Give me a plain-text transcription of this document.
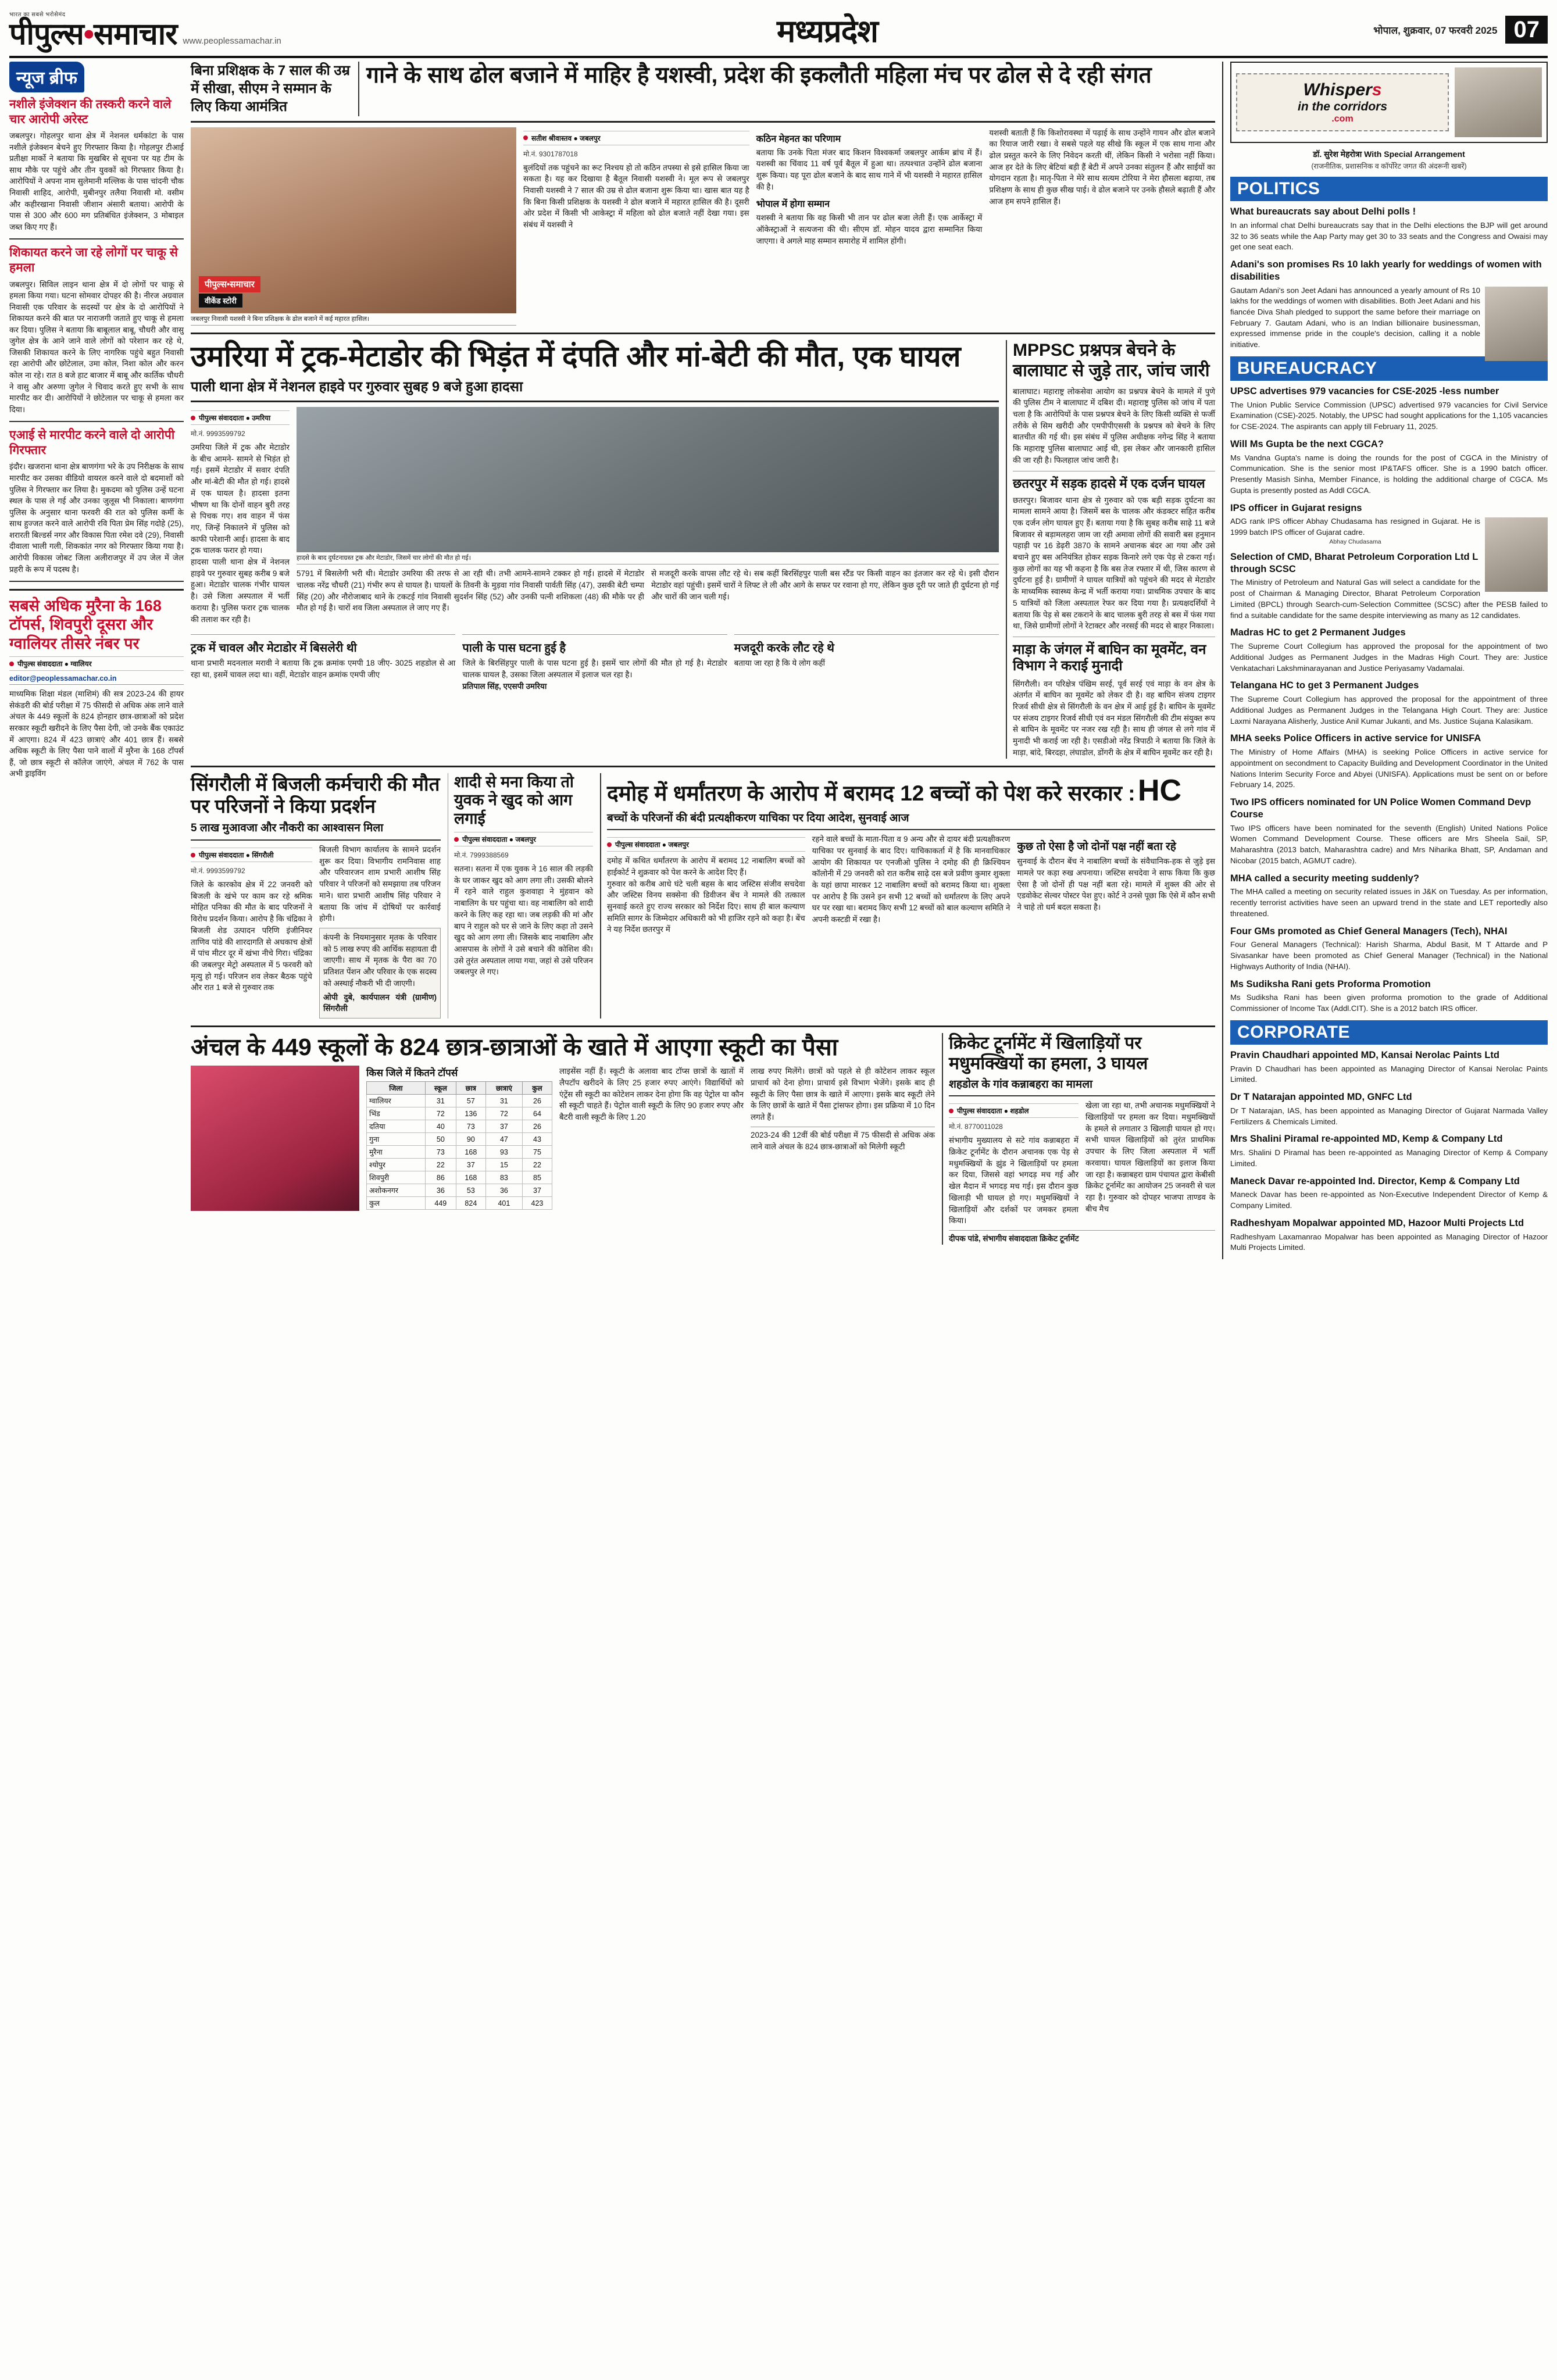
भारत का सबसे भरोसेमंद
पीपुल्स•समाचार www.peoplessamachar.in	मध्यप्रदेश	भोपाल, शुक्रवार, 07 फरवरी 2025 07
न्यूज ब्रीफ
नशीले इंजेक्शन की तस्करी करने वाले चार आरोपी अरेस्ट
जबलपुर। गोहलपुर थाना क्षेत्र में नेशनल धर्मकांटा के पास नशीले इंजेक्शन बेचने हुए गिरफ्तार किया है। गोहलपुर टीआई प्रतीक्षा मार्को ने बताया कि मुखबिर से सूचना पर यह टीम के साथ मौके पर पहुंचे और तीन युवकों को गिरफ्तार किया है। आरोपियों ने अपना नाम सुलेमानी मल्लिक के पास चांदनी चौक निवासी शाहिद, आरोपी, मुबीनपुर तलैया निवासी मो. वसीम और कहीरखाना निवासी जीशान अंसारी बताया। आरोपी के पास से 300 और 600 मग प्रतिबंधित इंजेक्शन, 3 मोबाइल जब्त किए गए हैं।
शिकायत करने जा रहे लोगों पर चाकू से हमला
जबलपुर। सिविल लाइन थाना क्षेत्र में दो लोगों पर चाकू से हमला किया गया। घटना सोमवार दोपहर की है। नीरज अग्रवाल निवासी एक परिवार के सदस्यों पर क्षेत्र के दो आरोपियों ने शिकायत करने की बात पर नाराजगी जताते हुए चाकू से हमला कर दिया। पुलिस ने बताया कि बाबूलाल बाबू, चौधरी और वासु जुगेल क्षेत्र के आने जाने वाले लोगों को परेशान कर रहे थे, जिसकी शिकायत करने के लिए नागरिक पहुंचे बहुत निवासी रहा आरोपी और छोटेलाल, उमा कोल, निशा कोल और करन कोल ना रहे। रात 8 बजे हाट बाजार में बाबू और कार्तिक चौधरी ने वासु और अरुणा जुगेल ने चिवाद करते हुए सभी के साथ मारपीट कर दी। आरोपियों ने छोटेलाल पर चाकू से हमला कर दिया।
एआई से मारपीट करने वाले दो आरोपी गिरफ्तार
इंदौर। खजराना थाना क्षेत्र बाणगंगा भरे के उप निरीक्षक के साथ मारपीट कर उसका वीडियो वायरल करने वाले दो बदमाशों को पुलिस ने गिरफ्तार कर लिया है। मुकदमा को पुलिस उन्हें घटना स्थल के पास ले गई और उनका जुलूस भी निकाला। बाणगंगा पुलिस के अनुसार थाना फरवरी की रात को पुलिस कर्मी के साथ हुज्जत करने वाले आरोपी रवि पिता प्रेम सिंह गदोहे (25), शरारती बिल्डर्स नगर और विकास पिता रमेश दवे (29), निवासी दीवाला भाली गली, शिककांत नगर को गिरफ्तार किया गया है। आरोपी विकास जोबट जिला अलीराजपुर में उप जेल में जेल प्रहरी के रूप में पदस्थ है।
सबसे अधिक मुरैना के 168 टॉपर्स, शिवपुरी दूसरा और ग्वालियर तीसरे नंबर पर
पीपुल्स संवाददाता ● ग्वालियर
editor@peoplessamachar.co.in
माध्यमिक शिक्षा मंडल (माशिमं) की सत्र 2023-24 की हायर सेकंडरी की बोर्ड परीक्षा में 75 फीसदी से अधिक अंक लाने वाले अंचल के 449 स्कूलों के 824 होनहार छात्र-छात्राओं को प्रदेश सरकार स्कूटी खरीदने के लिए पैसा देगी, जो उनके बैंक एकाउंट में आएगा। 824 में 423 छात्राएं और 401 छात्र हैं। सबसे अधिक स्कूटी के लिए पैसा पाने वालों में मुरैना के 168 टॉपर्स हैं, जो छात्र स्कूटी से कॉलेज जाएंगे, अंचल में 762 के पास अभी ड्राइविंग
बिना प्रशिक्षक के 7 साल की उम्र में सीखा, सीएम ने सम्मान के लिए किया आमंत्रित
गाने के साथ ढोल बजाने में माहिर है यशस्वी, प्रदेश की इकलौती महिला मंच पर ढोल से दे रही संगत
पीपुल्स•समाचार
वीकेंड स्टोरी
जबलपुर निवासी यशस्वी ने बिना प्रशिक्षक के ढोल बजाने में कई महारत हासिल।
सतीश श्रीवास्तव ● जबलपुर
मो.नं. 9301787018
बुलंदियों तक पहुंचने का रूट निश्चय हो तो कठिन तपस्या से इसे हासिल किया जा सकता है। यह कर दिखाया है बैतूल निवासी यशस्वी ने। मूल रूप से जबलपुर निवासी यशस्वी ने 7 साल की उम्र से ढोल बजाना शुरू किया था। खास बात यह है कि बिना किसी प्रशिक्षक के यशस्वी ने ढोल बजाने में महारत हासिल की है। दूसरी ओर प्रदेश में किसी भी आकेस्ट्रा में महिला को ढोल बजाते नहीं देखा गया। इस संबंध में यशस्वी ने
कठिन मेहनत का परिणाम
बताया कि उनके पिता मंजर बाद किशन विश्वकर्मा जबलपुर आर्कम ब्रांच में हैं। यशस्वी का चिंवाद 11 वर्ष पूर्व बैतूल में हुआ था। तत्पश्चात उन्होंने ढोल बजाना शुरू किया। यह पूरा ढोल बजाने के बाद साथ गाने में भी यशस्वी ने महारत हासिल की है।
भोपाल में होगा सम्मान
यशस्वी ने बताया कि वह किसी भी तान पर ढोल बजा लेती हैं। एक आर्केस्ट्रा में ऑकेस्ट्राओं ने सत्यजना की थी। सीएम डॉ. मोहन यादव द्वारा सम्मानित किया जाएगा। वे अगले माह सम्मान समारोह में शामिल होंगी।
यशस्वी बताती हैं कि किशोरावस्था में पढ़ाई के साथ उन्होंने गायन और ढोल बजाने का रियाज जारी रखा। वे सबसे पहले यह सीखे कि स्कूल में एक साथ गाना और ढोल प्रस्तुत करने के लिए निवेदन करती थीं, लेकिन किसी ने भरोसा नहीं किया। आज हर देते के लिए बेटियां बड़ी हैं बेटी में अपने उनका संतुलन हैं और साईयों का योगदान रहता है। मातृ-पिता ने मेरे साथ सत्यम टोरिया ने मेरा हौसला बढ़ाया, तब प्रशिक्षण के साथ ही कुछ सीख पाई। वे ढोल बजाने पर उनके हौसले बढ़ाती हैं और आज हम सपने हासिल हैं।
उमरिया में ट्रक-मेटाडोर की भिड़ंत में दंपति और मां-बेटी की मौत, एक घायल
पाली थाना क्षेत्र में नेशनल हाइवे पर गुरुवार सुबह 9 बजे हुआ हादसा
पीपुल्स संवाददाता ● उमरिया
मो.नं. 9993599792
उमरिया जिले में ट्रक और मेटाडोर के बीच आमने- सामने से भिड़ंत हो गई। इसमें मेटाडोर में सवार दंपति और मां-बेटी की मौत हो गई। हादसे में एक घायल है। हादसा इतना भीषण था कि दोनों वाहन बुरी तरह से पिचक गए। शव वाहन में फंस गए, जिन्हें निकालने में पुलिस को काफी परेशानी आई। हादसा के बाद ट्रक चालक फरार हो गया।
हादसा पाली थाना क्षेत्र में नेशनल हाइवे पर गुरुवार सुबह करीब 9 बजे हुआ। मेटाडोर चालक गंभीर घायल है। उसे जिला अस्पताल में भर्ती कराया है। पुलिस फरार ट्रक चालक की तलाश कर रही है।
हादसे के बाद दुर्घटनाग्रस्त ट्रक और मेटाडोर, जिसमें चार लोगों की मौत हो गई।
5791 में बिसलेगी भरी थी। मेटाडोर उमरिया की तरफ से आ रही थी। तभी आमने-सामने टक्कर हो गई। हादसे में मेटाडोर चालक नरेंद्र चौधरी (21) गंभीर रूप से घायल है। घायलों के तिवनी के मुड़वा गांव निवासी पार्वती सिंह (47), उसकी बेटी चम्पा सिंह (20) और नौरोजाबाद थाने के टकटई गांव निवासी सुदर्शन सिंह (52) और उनकी पत्नी शशिकला (48) की मौके पर ही मौत हो गई है। चारों शव जिला अस्पताल ले जाए गए हैं।
से मजदूरी करके वापस लौट रहे थे। सब कहीं बिरसिंहपुर पाली बस स्टैंड पर किसी वाहन का इंतजार कर रहे थे। इसी दौरान मेटाडोर वहां पहुंची। इसमें चारों ने लिफ्ट ले ली और आगे के सफर पर रवाना हो गए, लेकिन कुछ दूरी पर जाते ही दुर्घटना हो गई और चारों की जान चली गई।
ट्रक में चावल और मेटाडोर में बिसलेरी थी
थाना प्रभारी मदनलाल मरावी ने बताया कि ट्रक क्रमांक एमपी 18 जीए- 3025 शहडोल से आ रहा था, इसमें चावल लदा था। वहीं, मेटाडोर वाहन क्रमांक एमपी जीए
पाली के पास घटना हुई है
जिले के बिरसिंहपुर पाली के पास घटना हुई है। इसमें चार लोगों की मौत हो गई है। मेटाडोर चालक घायल है, उसका जिला अस्पताल में इलाज चल रहा है।
प्रतिपाल सिंह, एएसपी उमरिया
मजदूरी करके लौट रहे थे
बताया जा रहा है कि ये लोग कहीं
MPPSC प्रश्नपत्र बेचने के बालाघाट से जुड़े तार, जांच जारी
बालाघाट। महाराष्ट्र लोकसेवा आयोग का प्रश्नपत्र बेचने के मामले में पुणे की पुलिस टीम ने बालाघाट में दबिश दी। महाराष्ट्र पुलिस को जांच में पता चला है कि आरोपियों के पास प्रश्नपत्र बेचने के लिए किसी व्यक्ति से फर्जी तरीके से सिम खरीदी और एमपीपीएससी के प्रश्नपत्र को बेचने के लिए बातचीत की गई थी। इस संबंध में पुलिस अधीक्षक नगेन्द्र सिंह ने बताया कि महाराष्ट्र पुलिस बालाघाट आई थी, इस लेकर और जानकारी हासिल की जा रही है। फिलहाल जांच जारी है।
छतरपुर में सड़क हादसे में एक दर्जन घायल
छतरपुर। बिजावर थाना क्षेत्र से गुरुवार को एक बड़ी सड़क दुर्घटना का मामला सामने आया है। जिसमें बस के चालक और कंडक्टर सहित करीब एक दर्जन लोग घायल हुए हैं। बताया गया है कि सुबह करीब साढ़े 11 बजे बिजावर से बड़ामलहरा जाम जा रही अमावा लोगों की सवारी बस हनुमान पहाड़ी पर 16 डेढ़री 3870 के सामने अचानक बंदर आ गया और उसे बचाने हुए बस अनियंत्रित होकर सड़क किनारे लगे एक पेड़ से टकरा गई। कुछ लोगों का यह भी कहना है कि बस तेज रफ्तार में थी, जिस कारण से दुर्घटना हुई है। ग्रामीणों ने घायल यात्रियों को पहुंचने की मदद से मेटाडोर के माध्यमिक स्वास्थ्य केन्द्र में भर्ती कराया गया। प्राथमिक उपचार के बाद 5 यात्रियों को जिला अस्पताल रेफर कर दिया गया है। प्रत्यक्षदर्शियों ने बताया कि पेड़ से बस टकराने के बाद चालक बुरी तरह से बस में फंस गया था, जिसे ग्रामीणों लोगों ने रेटाक्टर और नरसई की मदद से बाहर निकाला।
माड़ा के जंगल में बाघिन का मूवमेंट, वन विभाग ने कराई मुनादी
सिंगरौली। वन परिक्षेत्र पंखिम सरई, पूर्व सरई एवं माड़ा के वन क्षेत्र के अंतर्गत में बाघिन का मूवमेंट को लेकर दी है। वह बाघिन संजय टाइगर रिजर्व सीधी क्षेत्र से सिंगरौली के वन क्षेत्र में आई हुई है। बाघिन के मूवमेंट पर संजय टाइगर रिजर्व सीधी एवं वन मंडल सिंगरौली की टीम संयुक्त रूप से बाघिन के मूवमेंट पर नजर रख रही है। साथ ही जंगल से लगे गांव में मुनादी भी कराई जा रही है। एसडीओ नरेंद्र त्रिपाठी ने बताया कि जिले के माड़ा, बांदे, बिरदहा, लंघाडोल, डोंगरी के क्षेत्र में बाघिन मूवमेंट कर रही है।
सिंगरौली में बिजली कर्मचारी की मौत पर परिजनों ने किया प्रदर्शन
5 लाख मुआवजा और नौकरी का आश्वासन मिला
पीपुल्स संवाददाता ● सिंगरौली
मो.नं. 9993599792
जिले के कारकोव क्षेत्र में 22 जनवरी को बिजली के खंभे पर काम कर रहे श्रमिक मोहित पनिका की मौत के बाद परिजनों ने विरोध प्रदर्शन किया। आरोप है कि चंद्रिका ने बिजली शेड उत्पादन परिणि इंजीनियर ताणिव पांडे की शारदागति से अधकाच क्षेत्रों में पांच मीटर दूर में खंभा नीचे गिरा। चंद्रिका की जबलपुर मेट्रो अस्पताल में 5 फरवरी को मृत्यु हो गई। परिजन शव लेकर बैठक पहुंचे और रात 1 बजे से गुरुवार तक
बिजली विभाग कार्यालय के सामने प्रदर्शन शुरू कर दिया। विभागीय रामनिवास शाह और परिवारजन शाम प्रभारी आशीष सिंह परिवार ने परिजनों को समझाया तब परिजन माने। धारा प्रभारी आशीष सिंह परिवार ने बताया कि जांच में दोषियों पर कार्रवाई होगी।
कंपनी के नियमानुसार मृतक के परिवार को 5 लाख रुपए की आर्थिक सहायता दी जाएगी। साथ में मृतक के पैरा का 70 प्रतिशत पेंशन और परिवार के एक सदस्य को अस्थाई नौकरी भी दी जाएगी।
ओपी दुबे, कार्यपालन यंत्री (ग्रामीण) सिंगरौली
शादी से मना किया तो युवक ने खुद को आग लगाई
पीपुल्स संवाददाता ● जबलपुर
मो.नं. 7999388569
सतना। सतना में एक युवक ने 16 साल की लड़की के घर जाकर खुद को आग लगा ली। उसकी बोलने में रहने वाले राहुल कुशवाहा ने मुंहवान को नाबालिग के घर पहुंचा था। वह नाबालिग को शादी करने के लिए कह रहा था। जब लड़की की मां और बाप ने राहुल को घर से जाने के लिए कहा तो उसने खुद को आग लगा ली। जिसके बाद नाबालिग और आसपास के लोगों ने उसे बचाने की कोशिश की। उसे तुरंत अस्पताल लाया गया, जहां से उसे परिजन जबलपुर ले गए।
दमोह में धर्मांतरण के आरोप में बरामद 12 बच्चों को पेश करे सरकार : HC
बच्चों के परिजनों की बंदी प्रत्यक्षीकरण याचिका पर दिया आदेश, सुनवाई आज
पीपुल्स संवाददाता ● जबलपुर
दमोह में कथित धर्मांतरण के आरोप में बरामद 12 नाबालिग बच्चों को हाईकोर्ट ने शुक्रवार को पेश करने के आदेश दिए हैं।
गुरुवार को करीब आधे घंटे चली बहस के बाद जस्टिस संजीव सचदेवा और जस्टिस विनय सक्सेना की डिवीजन बेंच ने मामले की तत्काल सुनवाई करते हुए राज्य सरकार को निर्देश दिए। साथ ही बाल कल्याण समिति सागर के जिम्मेदार अधिकारी को भी हाजिर रहने को कहा है। बेंच ने यह निर्देश छतरपुर में
रहने वाले बच्चों के माता-पिता व 9 अन्य और से दायर बंदी प्रत्यक्षीकरण याचिका पर सुनवाई के बाद दिए। याचिकाकर्ता में है कि मानवाधिकार आयोग की शिकायत पर एनजीओ पुलिस ने दमोह की ही क्रिश्चियन कॉलोनी में 29 जनवरी को रात करीब साढ़े दस बजे प्रवीण कुमार शुक्ला के यहां छापा मारकर 12 नाबालिग बच्चों को बरामद किया था। शुक्ला पर आरोप है कि उसने इन सभी 12 बच्चों को धर्मांतरण के लिए अपने घर पर रखा था। बरामद किए सभी 12 बच्चों को बाल कल्याण समिति ने अपनी कस्टडी में रखा है।
कुछ तो ऐसा है जो दोनों पक्ष नहीं बता रहे
सुनवाई के दौरान बेंच ने नाबालिग बच्चों के संवैधानिक-हक से जुड़े इस मामले पर कड़ा रुख अपनाया। जस्टिस सचदेवा ने साफ किया कि कुछ ऐसा है जो दोनों ही पक्ष नहीं बता रहे। मामले में शुक्ल की ओर से एडवोकेट सेल्वर पोस्टर पेश हुए। कोर्ट ने उनसे पूछा कि ऐसे में कौन सभी ने चाहे तो धर्म बदल सकता है।
अंचल के 449 स्कूलों के 824 छात्र-छात्राओं के खाते में आएगा स्कूटी का पैसा
किस जिले में कितने टॉपर्स
जिला	स्कूल	छात्र	छात्राएं	कुल
ग्वालियर	31	57	31	26
भिंड	72	136	72	64
दतिया	40	73	37	26
गुना	50	90	47	43
मुरैना	73	168	93	75
श्योपुर	22	37	15	22
शिवपुरी	86	168	83	85
अशोकनगर	36	53	36	37
कुल	449	824	401	423
लाइसेंस नहीं हैं। स्कूटी के अलावा बाद टॉप्स छात्रों के खातों में लैपटॉप खरीदने के लिए 25 हजार रुपए आएंगे। विद्यार्थियों को एंट्रेंस सी स्कूटी का कोटेशन लाकर देना होगा कि वह पेट्रोल या कौन सी स्कूटी चाहते हैं। पेट्रोल वाली स्कूटी के लिए 90 हजार रुपए और बैटरी वाली स्कूटी के लिए 1.20
लाख रुपए मिलेंगे। छात्रों को पहले से ही कोटेशन लाकर स्कूल प्राचार्य को देना होगा। प्राचार्य इसे विभाग भेजेंगे। इसके बाद ही स्कूटी के लिए पैसा छात्र के खाते में आएगा। इसके बाद स्कूटी लेने के लिए छात्रों के खाते में पैसा ट्रांसफर होगा। इस प्रक्रिया में 10 दिन लगते हैं।
2023-24 की 12वीं की बोर्ड परीक्षा में 75 फीसदी से अधिक अंक लाने वाले अंचल के 824 छात्र-छात्राओं को मिलेगी स्कूटी
क्रिकेट टूर्नामेंट में खिलाड़ियों पर मधुमक्खियों का हमला, 3 घायल
शहडोल के गांव कन्नाबहरा का मामला
पीपुल्स संवाददाता ● शहडोल
मो.नं. 8770011028
संभागीय मुख्यालय से सटे गांव कन्नाबहरा में क्रिकेट टूर्नामेंट के दौरान अचानक एक पेड़ से मधुमक्खियों के झुंड ने खिलाड़ियों पर हमला कर दिया, जिससे वहां भगदड़ मच गई और खेल मैदान में भगदड़ मच गई। इस दौरान कुछ खिलाड़ी भी घायल हो गए। मधुमक्खियों ने खिलाड़ियों और दर्शकों पर जमकर हमला किया।
खेला जा रहा था, तभी अचानक मधुमक्खियों ने खिलाड़ियों पर हमला कर दिया। मधुमक्खियों के हमले से लगातार 3 खिलाड़ी घायल हो गए। सभी घायल खिलाड़ियों को तुरंत प्राथमिक उपचार के लिए जिला अस्पताल में भर्ती करवाया। घायल खिलाड़ियों का इलाज किया जा रहा है। कन्नाबहरा ग्राम पंचायत द्वारा केबीसी क्रिकेट टूर्नामेंट का आयोजन 25 जनवरी से चल रहा है। गुरुवार को दोपहर भाजपा ताण्डव के बीच मैच
दीपक पांडे, संभागीय संवाददाता क्रिकेट टूर्नामेंट
Whispers
in the corridors
.com
डॉ. सुरेश मेहरोत्रा With Special Arrangement
(राजनीतिक, प्रशासनिक व कॉर्पोरेट जगत की अंदरूनी खबरें)
POLITICS
What bureaucrats say about Delhi polls !
In an informal chat Delhi bureaucrats say that in the Delhi elections the BJP will get around 32 to 36 seats while the Aap Party may get 30 to 33 seats and the Congress and Owaisi may get one seat each.
Adani's son promises Rs 10 lakh yearly for weddings of women with disabilities
Gautam Adani's son Jeet Adani has announced a yearly amount of Rs 10 lakhs for the weddings of women with disabilities. Both Jeet Adani and his fiancée Diva Shah pledged to support the same before their marriage on February 7. Gautam Adani, who is an Indian billionaire businessman, expressed immense pride in the couple's decision, calling it a noble initiative.
BUREAUCRACY
UPSC advertises 979 vacancies for CSE-2025 -less number
The Union Public Service Commission (UPSC) advertised 979 vacancies for Civil Service Examination (CSE)-2025. Notably, the UPSC had sought applications for the 1,105 vacancies for CSE-2024. The aspirants can apply till February 11, 2025.
Will Ms Gupta be the next CGCA?
Ms Vandna Gupta's name is doing the rounds for the post of CGCA in the Ministry of Communication. She is the senior most IP&TAFS officer. She is a 1990 batch officer. Presently Masish Sinha, Member Finance, is holding the additional charge of CGCA. Ms Gupta is presently posted as Addl CGCA.
IPS officer in Gujarat resigns
ADG rank IPS officer Abhay Chudasama has resigned in Gujarat. He is 1999 batch IPS officer of Gujarat cadre.
Abhay Chudasama
Selection of CMD, Bharat Petroleum Corporation Ltd L through SCSC
The Ministry of Petroleum and Natural Gas will select a candidate for the post of Chairman & Managing Director, Bharat Petroleum Corporation Limited (BPCL) through Search-cum-Selection Committee (SCSC) after the PESB failed to find a suitable candidate for the same despite interviewing as many as 12 candidates.
Madras HC to get 2 Permanent Judges
The Supreme Court Collegium has approved the proposal for the appointment of two Additional Judges as Permanent Judges in the Madras High Court. They are: Justice Venkatachari Lakshminarayanan and Justice Periyasamy Vadamalai.
Telangana HC to get 3 Permanent Judges
The Supreme Court Collegium has approved the proposal for the appointment of three Additional Judges as Permanent Judges in the Telangana High Court. They are: Justice Laxmi Narayana Alisherly, Justice Anil Kumar Jukanti, and Ms. Justice Sujana Kalasikam.
MHA seeks Police Officers in active service for UNISFA
The Ministry of Home Affairs (MHA) is seeking Police Officers in active service for appointment on secondment to Capacity Building and Development Coordinator in the United Nations Interim Security Force and Abyei (UNISFA). Applications must be sent on or before February 14, 2025.
Two IPS officers nominated for UN Police Women Command Devp Course
Two IPS officers have been nominated for the seventh (English) United Nations Police Women Command Development Course. These officers are Mrs Sheela Sail, SP, Maharashtra (2013 batch, Maharashtra cadre) and Mrs Niharika Bhatt, SP, Andaman and Nicobar (2015 batch, AGMUT cadre).
MHA called a security meeting suddenly?
The MHA called a meeting on security related issues in J&K on Tuesday. As per information, recently terrorist activities have seen an upward trend in the state and LET reportedly also threatened.
Four GMs promoted as Chief General Managers (Tech), NHAI
Four General Managers (Technical): Harish Sharma, Abdul Basit, M T Attarde and P Sivasankar have been promoted as Chief General Manager (Technical) in the National Highways Authority of India (NHAI).
Ms Sudiksha Rani gets Proforma Promotion
Ms Sudiksha Rani has been given proforma promotion to the grade of Additional Commissioner of Income Tax (Addl.CIT). She is a 2012 batch IRS officer.
CORPORATE
Pravin Chaudhari appointed MD, Kansai Nerolac Paints Ltd
Pravin D Chaudhari has been appointed as Managing Director of Kansai Nerolac Paints Limited.
Dr T Natarajan appointed MD, GNFC Ltd
Dr T Natarajan, IAS, has been appointed as Managing Director of Gujarat Narmada Valley Fertilizers & Chemicals Limited.
Mrs Shalini Piramal re-appointed MD, Kemp & Company Ltd
Mrs. Shalini D Piramal has been re-appointed as Managing Director of Kemp & Company Limited.
Maneck Davar re-appointed Ind. Director, Kemp & Company Ltd
Maneck Davar has been re-appointed as Non-Executive Independent Director of Kemp & Company Limited.
Radheshyam Mopalwar appointed MD, Hazoor Multi Projects Ltd
Radheshyam Laxamanrao Mopalwar has been appointed as Managing Director of Hazoor Multi Projects Limited.
